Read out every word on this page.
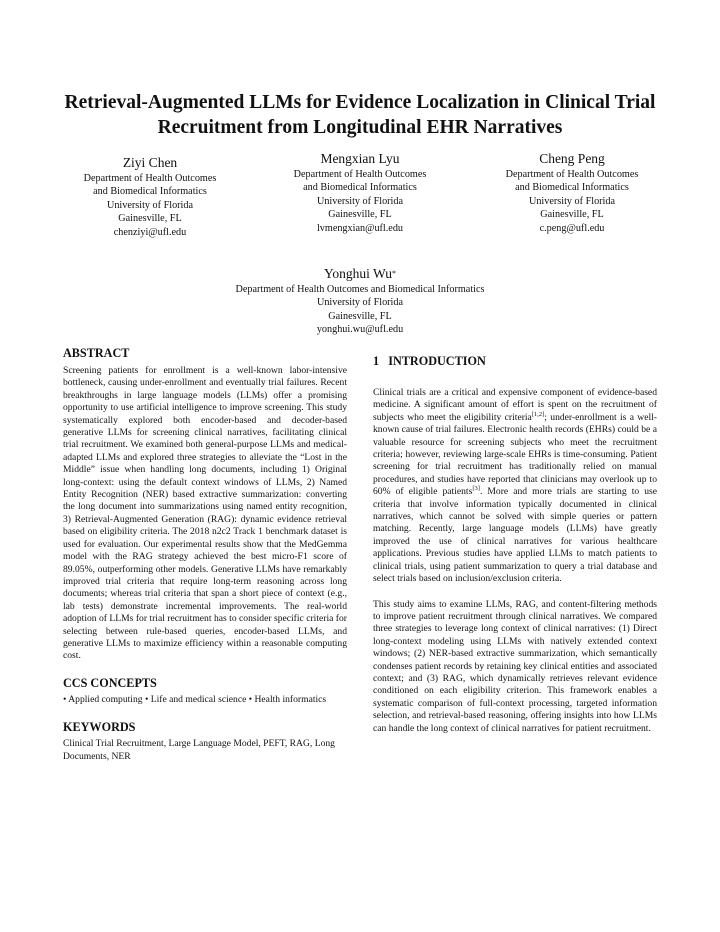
Retrieval-Augmented LLMs for Evidence Localization in Clinical Trial Recruitment from Longitudinal EHR Narratives
Ziyi Chen
Department of Health Outcomes
and Biomedical Informatics
University of Florida
Gainesville, FL
chenziyi@ufl.edu
Mengxian Lyu
Department of Health Outcomes
and Biomedical Informatics
University of Florida
Gainesville, FL
lvmengxian@ufl.edu
Cheng Peng
Department of Health Outcomes
and Biomedical Informatics
University of Florida
Gainesville, FL
c.peng@ufl.edu
Yonghui Wu*
Department of Health Outcomes and Biomedical Informatics
University of Florida
Gainesville, FL
yonghui.wu@ufl.edu
ABSTRACT

Screening patients for enrollment is a well-known labor-intensive bottleneck, causing under-enrollment and eventually trial failures. Recent breakthroughs in large language models (LLMs) offer a promising opportunity to use artificial intelligence to improve screening. This study systematically explored both encoder-based and decoder-based generative LLMs for screening clinical narratives, facilitating clinical trial recruitment. We examined both general-purpose LLMs and medical-adapted LLMs and explored three strategies to alleviate the “Lost in the Middle” issue when handling long documents, including 1) Original long-context: using the default context windows of LLMs, 2) Named Entity Recognition (NER) based extractive summarization: converting the long document into summarizations using named entity recognition, 3) Retrieval-Augmented Generation (RAG): dynamic evidence retrieval based on eligibility criteria. The 2018 n2c2 Track 1 benchmark dataset is used for evaluation. Our experimental results show that the MedGemma model with the RAG strategy achieved the best micro-F1 score of 89.05%, outperforming other models. Generative LLMs have remarkably improved trial criteria that require long-term reasoning across long documents; whereas trial criteria that span a short piece of context (e.g., lab tests) demonstrate incremental improvements. The real-world adoption of LLMs for trial recruitment has to consider specific criteria for selecting between rule-based queries, encoder-based LLMs, and generative LLMs to maximize efficiency within a reasonable computing cost.

CCS CONCEPTS

• Applied computing • Life and medical science • Health informatics

KEYWORDS

Clinical Trial Recruitment, Large Language Model, PEFT, RAG, Long Documents, NER

1   INTRODUCTION

Clinical trials are a critical and expensive component of evidence-based medicine. A significant amount of effort is spent on the recruitment of subjects who meet the eligibility criteria[1,2]; under-enrollment is a well-known cause of trial failures. Electronic health records (EHRs) could be a valuable resource for screening subjects who meet the recruitment criteria; however, reviewing large-scale EHRs is time-consuming. Patient screening for trial recruitment has traditionally relied on manual procedures, and studies have reported that clinicians may overlook up to 60% of eligible patients[3]. More and more trials are starting to use criteria that involve information typically documented in clinical narratives, which cannot be solved with simple queries or pattern matching. Recently, large language models (LLMs) have greatly improved the use of clinical narratives for various healthcare applications. Previous studies have applied LLMs to match patients to clinical trials, using patient summarization to query a trial database and select trials based on inclusion/exclusion criteria.

This study aims to examine LLMs, RAG, and content-filtering methods to improve patient recruitment through clinical narratives. We compared three strategies to leverage long context of clinical narratives: (1) Direct long-context modeling using LLMs with natively extended context windows; (2) NER-based extractive summarization, which semantically condenses patient records by retaining key clinical entities and associated context; and (3) RAG, which dynamically retrieves relevant evidence conditioned on each eligibility criterion. This framework enables a systematic comparison of full-context processing, targeted information selection, and retrieval-based reasoning, offering insights into how LLMs can handle the long context of clinical narratives for patient recruitment.
